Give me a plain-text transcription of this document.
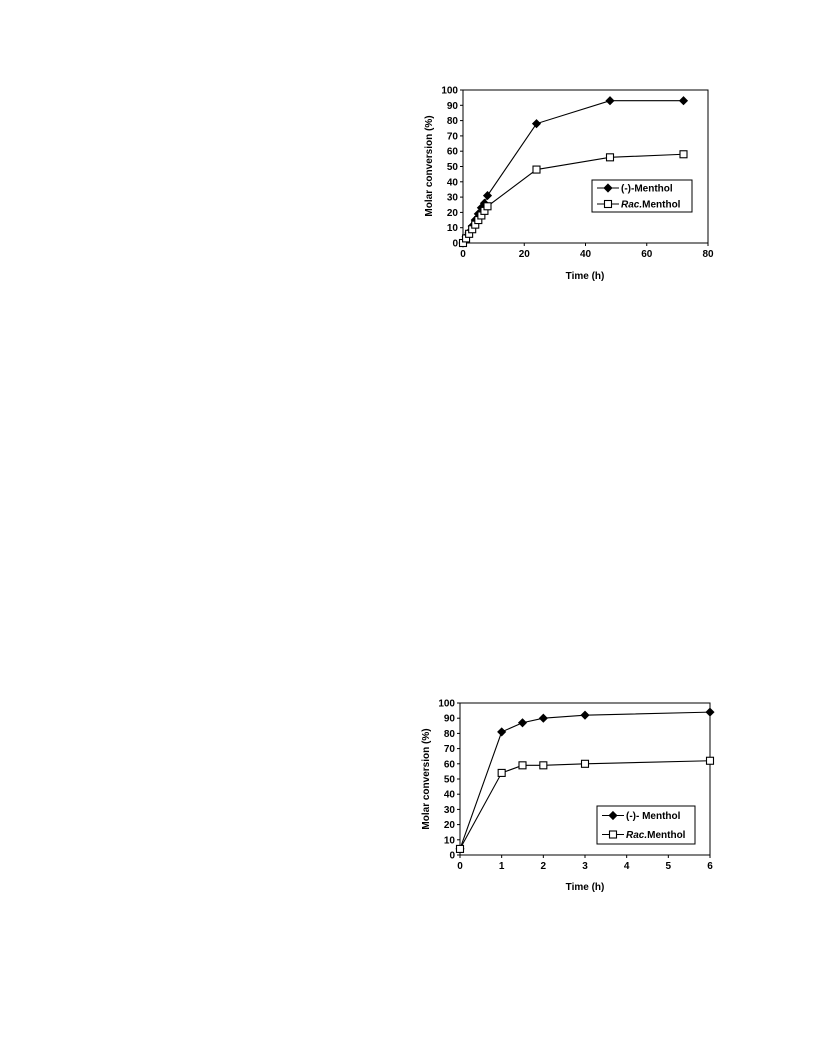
0
10
20
30
40
50
60
70
80
90
100
0	20	40	60	80
Time (h)
Molar conversion (%)	(-)-Menthol
Rac.Menthol
0
10
20
30
40
50
60
70
80
90
100
0	1	2	3	4	5	6
Time (h)
Molar conversion (%)	(-)- Menthol
Rac.Menthol
